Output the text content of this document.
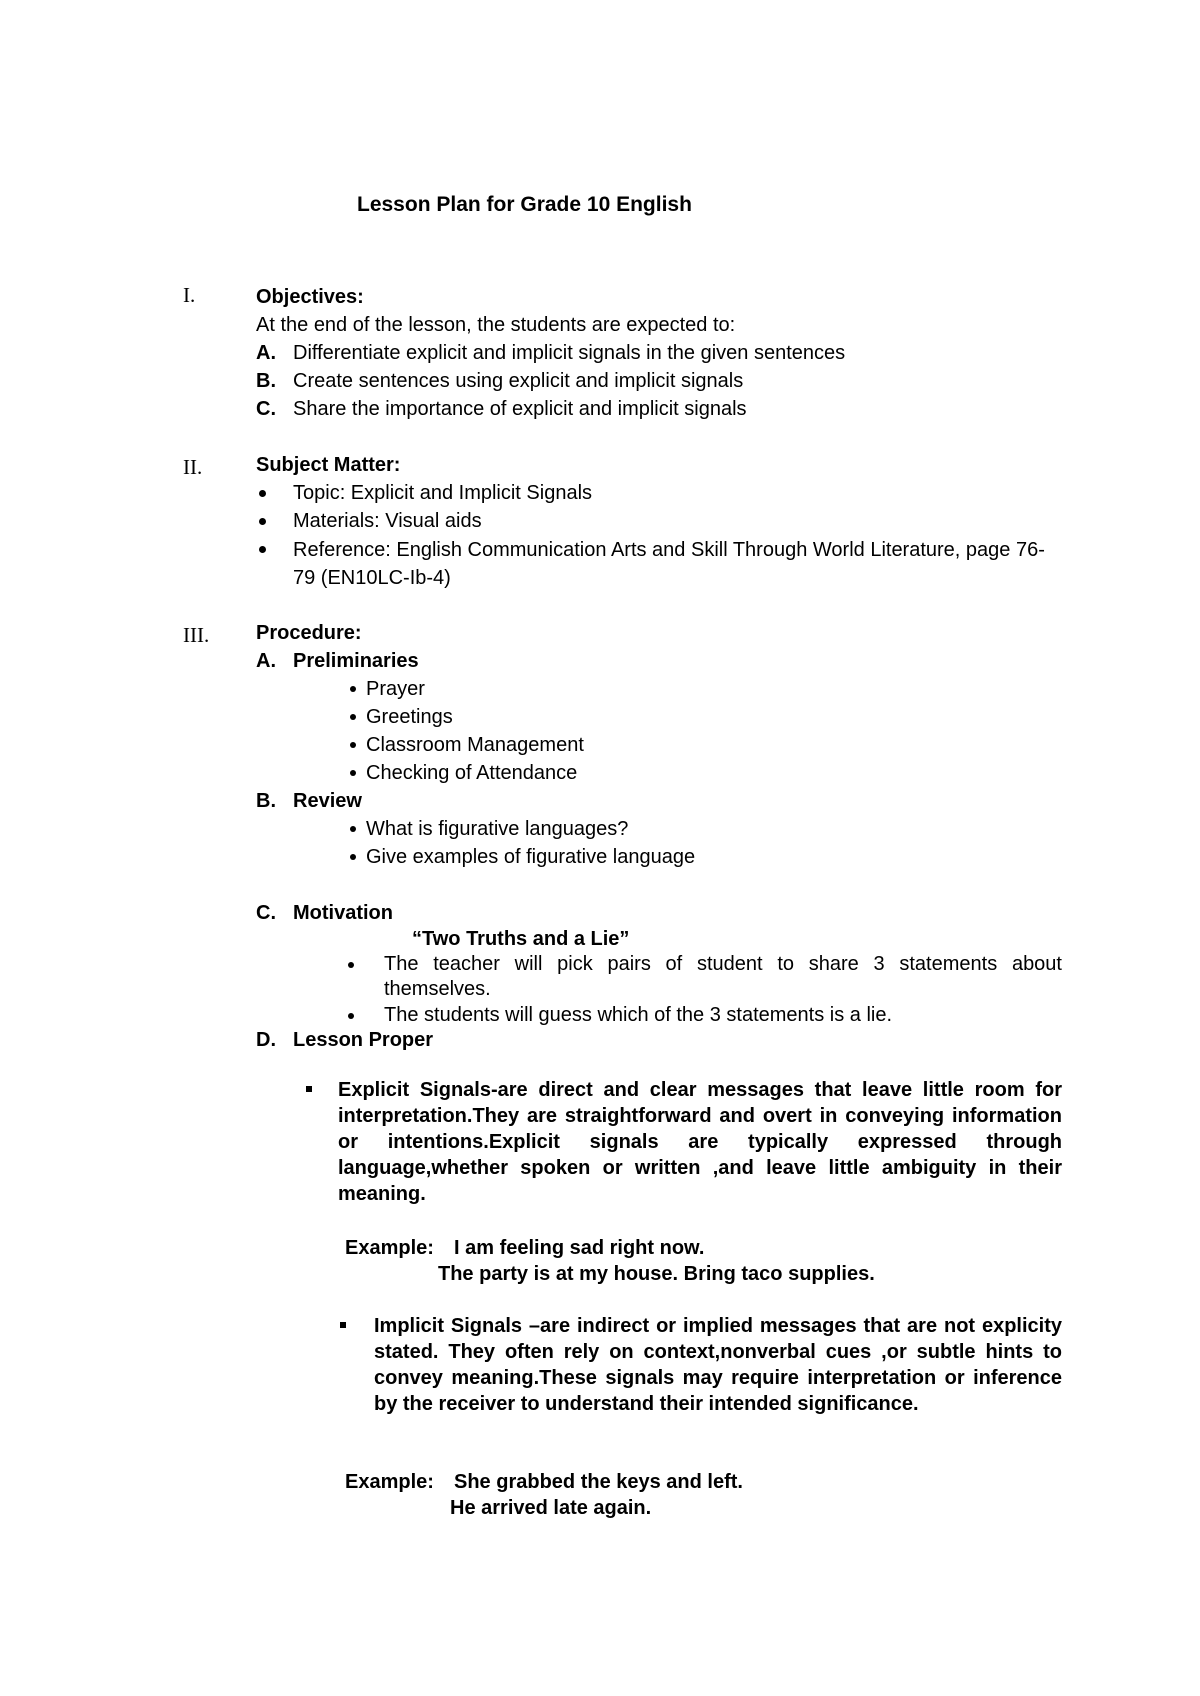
Lesson Plan for Grade 10 English
I.	Objectives:
At the end of the lesson, the students are expected to:
A. Differentiate explicit and implicit signals in the given sentences
B. Create sentences using explicit and implicit signals
C. Share the importance of explicit and implicit signals
II.	Subject Matter:
Topic: Explicit and Implicit Signals
Materials: Visual aids
Reference: English Communication Arts and Skill Through World Literature, page 76-79 (EN10LC-Ib-4)
III. Procedure:
A. Preliminaries
Prayer
Greetings
Classroom Management
Checking of Attendance
B. Review
What is figurative languages?
Give examples of figurative language
C. Motivation
“Two Truths and a Lie”
The teacher will pick pairs of student to share 3 statements about themselves.
The students will guess which of the 3 statements is a lie.
D. Lesson Proper
Explicit Signals-are direct and clear messages that leave little room for interpretation.They are straightforward and overt in conveying information or intentions.Explicit signals are typically expressed through language,whether spoken or written ,and leave little ambiguity in their meaning.
Example: I am feeling sad right now.
The party is at my house. Bring taco supplies.
Implicit Signals –are indirect or implied messages that are not explicity stated. They often rely on context,nonverbal cues ,or subtle hints to convey meaning.These signals may require interpretation or inference by the receiver to understand their intended significance.
Example: She grabbed the keys and left.
He arrived late again.
